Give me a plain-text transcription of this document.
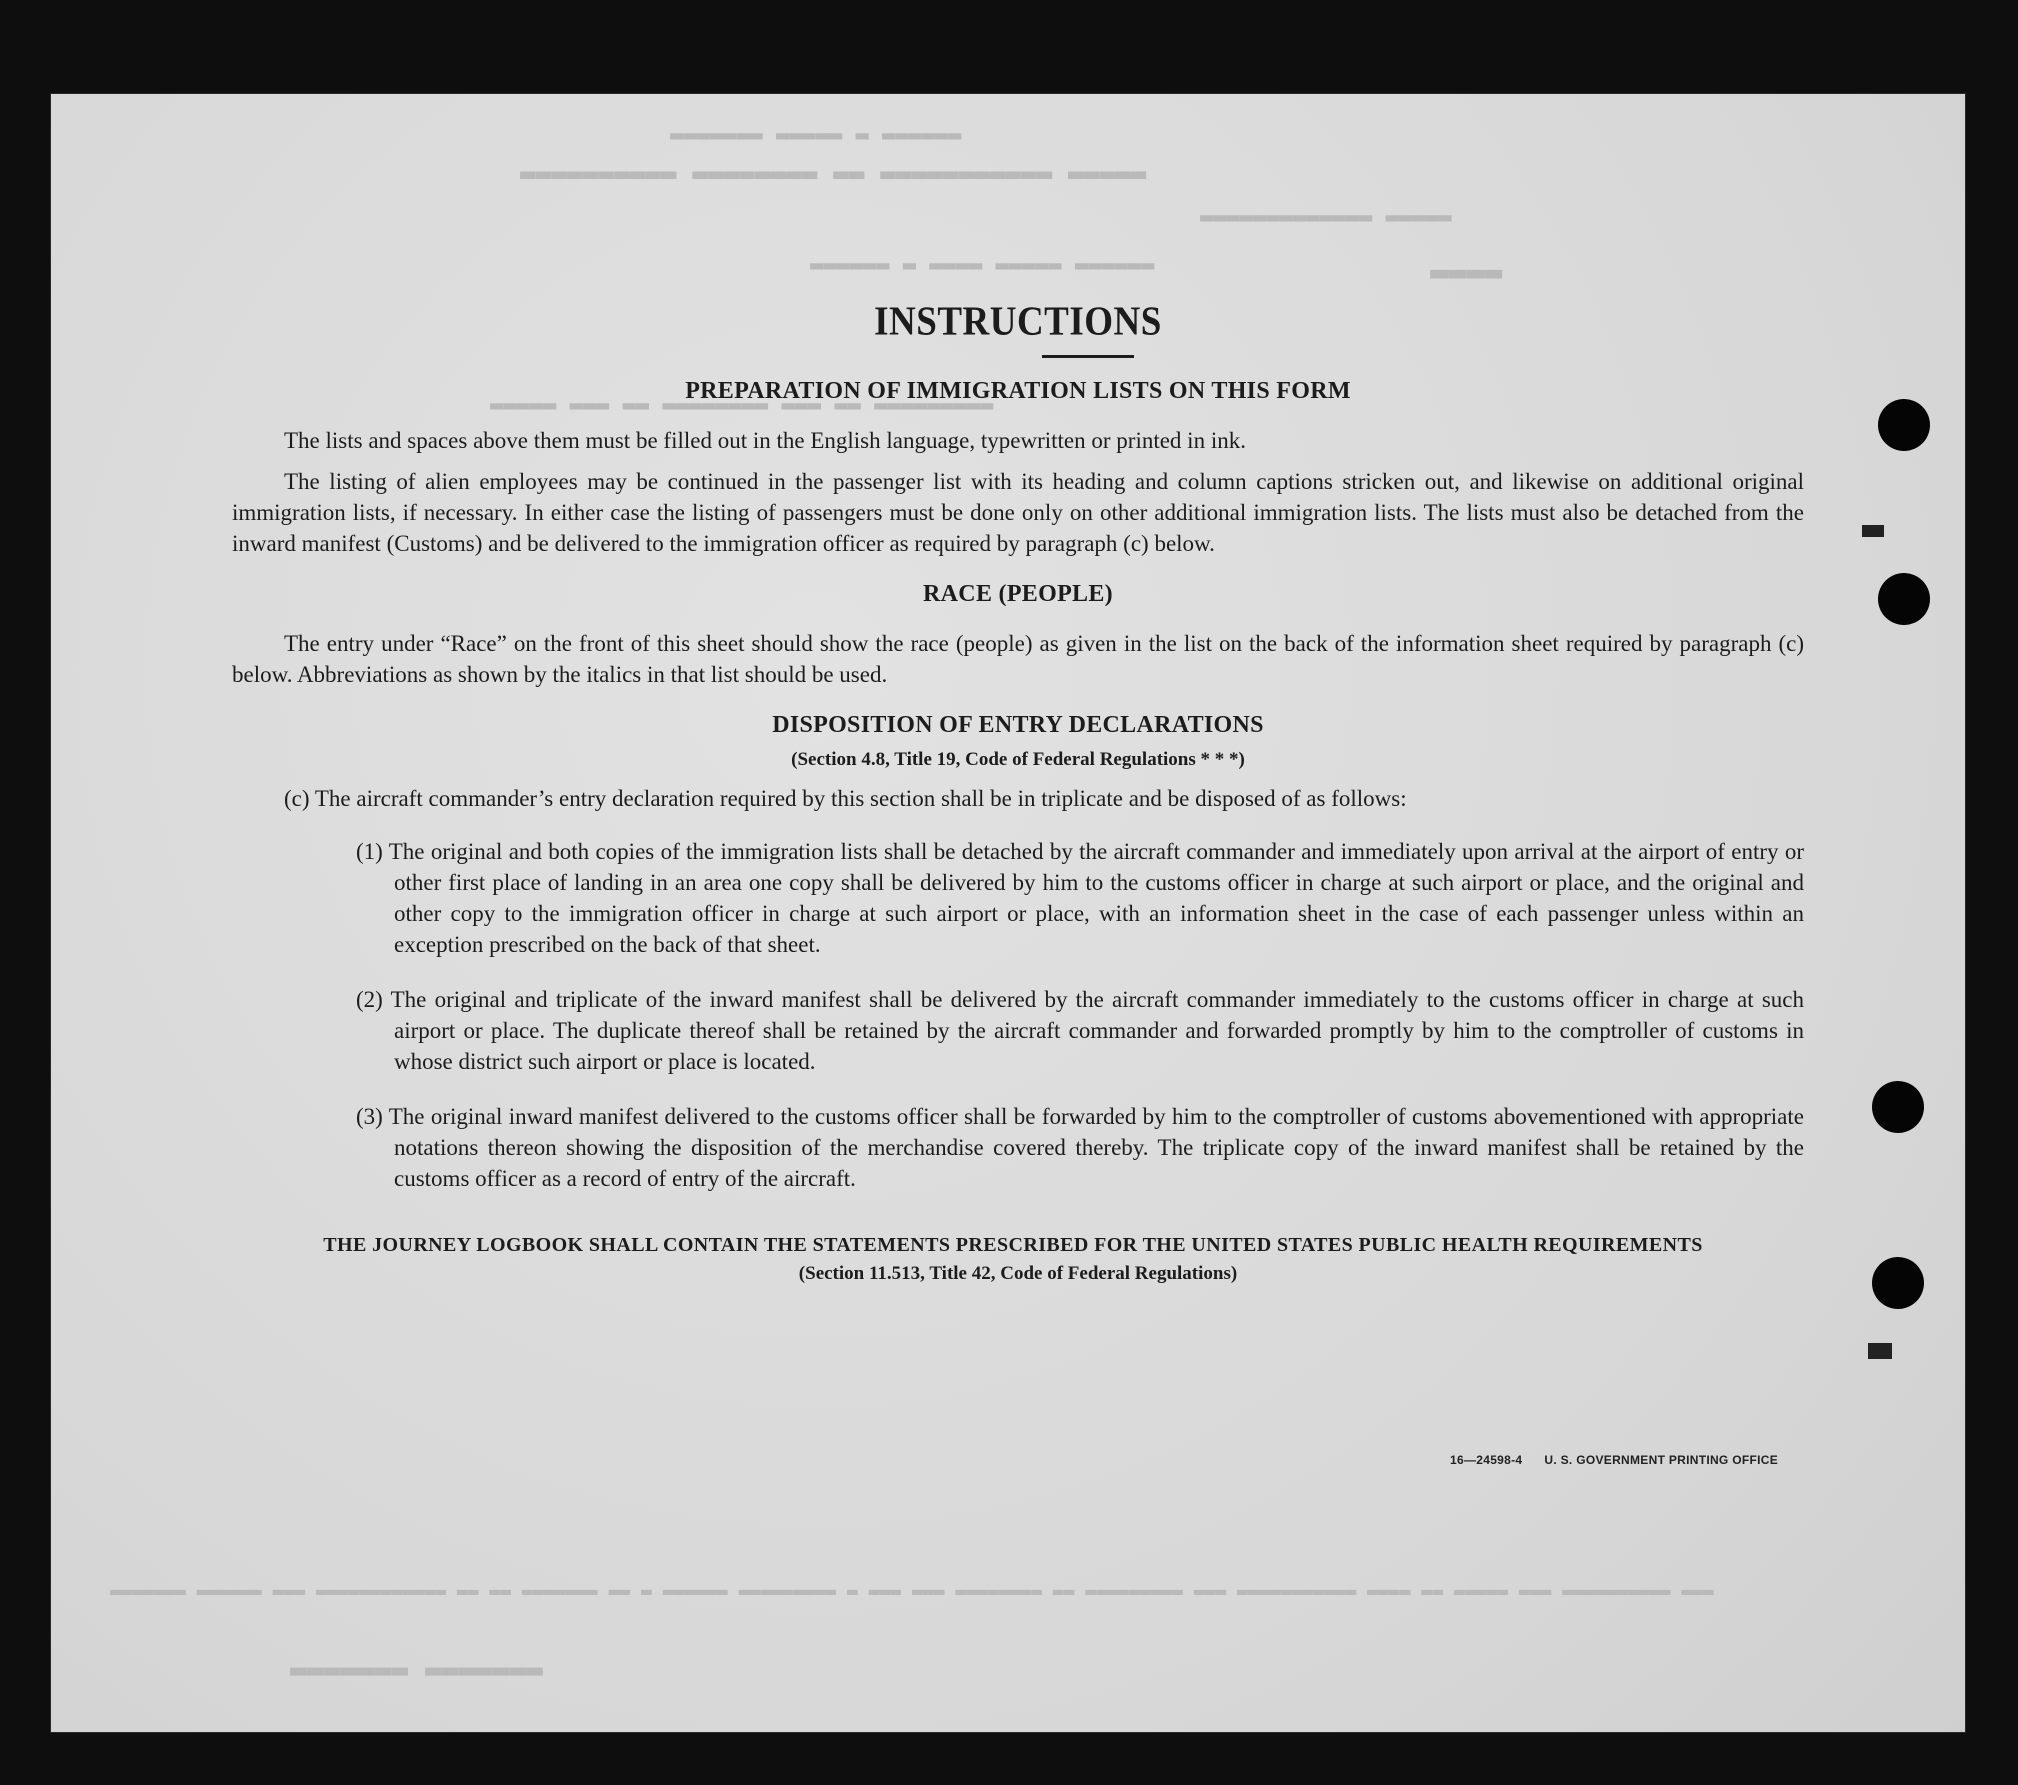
▬▬▬▬▬▬ ▬ ▬▬▬▬▬ ▬▬▬▬▬▬▬
▬▬▬▬▬ ▬▬▬▬▬▬▬▬▬▬▬ ▬▬ ▬▬▬▬▬▬▬▬ ▬▬▬▬▬▬▬▬▬▬
▬▬▬▬▬ ▬▬▬▬▬▬▬▬▬▬▬▬▬
▬▬▬▬▬▬ ▬▬▬▬▬ ▬▬▬▬ ▬ ▬▬▬▬▬▬	▬▬▬▬
▬▬▬▬▬▬▬▬▬ ▬▬ ▬▬▬ ▬▬▬▬▬▬▬▬ ▬▬ ▬▬▬ ▬▬▬▬▬
▬▬▬ ▬▬▬▬▬▬▬▬▬▬ ▬▬▬ ▬▬▬▬▬ ▬▬ ▬▬▬▬ ▬▬▬▬▬▬▬▬▬▬▬ ▬▬▬ ▬▬▬▬▬▬▬▬▬ ▬▬ ▬▬▬▬▬▬▬▬ ▬▬▬ ▬▬▬ ▬ ▬▬▬▬▬▬▬▬▬ ▬▬▬▬▬▬ ▬ ▬▬ ▬▬▬▬▬▬▬ ▬▬ ▬▬ ▬▬▬▬▬▬▬▬▬▬▬▬ ▬▬▬ ▬▬▬▬▬▬ ▬▬▬▬▬▬▬
▬▬▬▬▬▬▬ ▬▬▬▬▬▬▬
INSTRUCTIONS
PREPARATION OF IMMIGRATION LISTS ON THIS FORM

The lists and spaces above them must be filled out in the English language, typewritten or printed in ink.

The listing of alien employees may be continued in the passenger list with its heading and column captions stricken out, and likewise on additional original immigration lists, if necessary. In either case the listing of passengers must be done only on other additional immigration lists. The lists must also be detached from the inward manifest (Customs) and be delivered to the immigration officer as required by paragraph (c) below.

RACE (PEOPLE)

The entry under “Race” on the front of this sheet should show the race (people) as given in the list on the back of the information sheet required by paragraph (c) below. Abbreviations as shown by the italics in that list should be used.

DISPOSITION OF ENTRY DECLARATIONS
(Section 4.8, Title 19, Code of Federal Regulations * * *)

(c) The aircraft commander’s entry declaration required by this section shall be in triplicate and be disposed of as follows:

(1) The original and both copies of the immigration lists shall be detached by the aircraft commander and immediately upon arrival at the airport of entry or other first place of landing in an area one copy shall be delivered by him to the customs officer in charge at such airport or place, and the original and other copy to the immigration officer in charge at such airport or place, with an information sheet in the case of each passenger unless within an exception prescribed on the back of that sheet.

(2) The original and triplicate of the inward manifest shall be delivered by the aircraft commander immediately to the customs officer in charge at such airport or place. The duplicate thereof shall be retained by the aircraft commander and forwarded promptly by him to the comptroller of customs in whose district such airport or place is located.

(3) The original inward manifest delivered to the customs officer shall be forwarded by him to the comptroller of customs abovementioned with appropriate notations thereon showing the disposition of the merchandise covered thereby. The triplicate copy of the inward manifest shall be retained by the customs officer as a record of entry of the aircraft.

THE JOURNEY LOGBOOK SHALL CONTAIN THE STATEMENTS PRESCRIBED FOR THE UNITED STATES PUBLIC HEALTH REQUIREMENTS
(Section 11.513, Title 42, Code of Federal Regulations)
16—24598-4 U. S. GOVERNMENT PRINTING OFFICE
